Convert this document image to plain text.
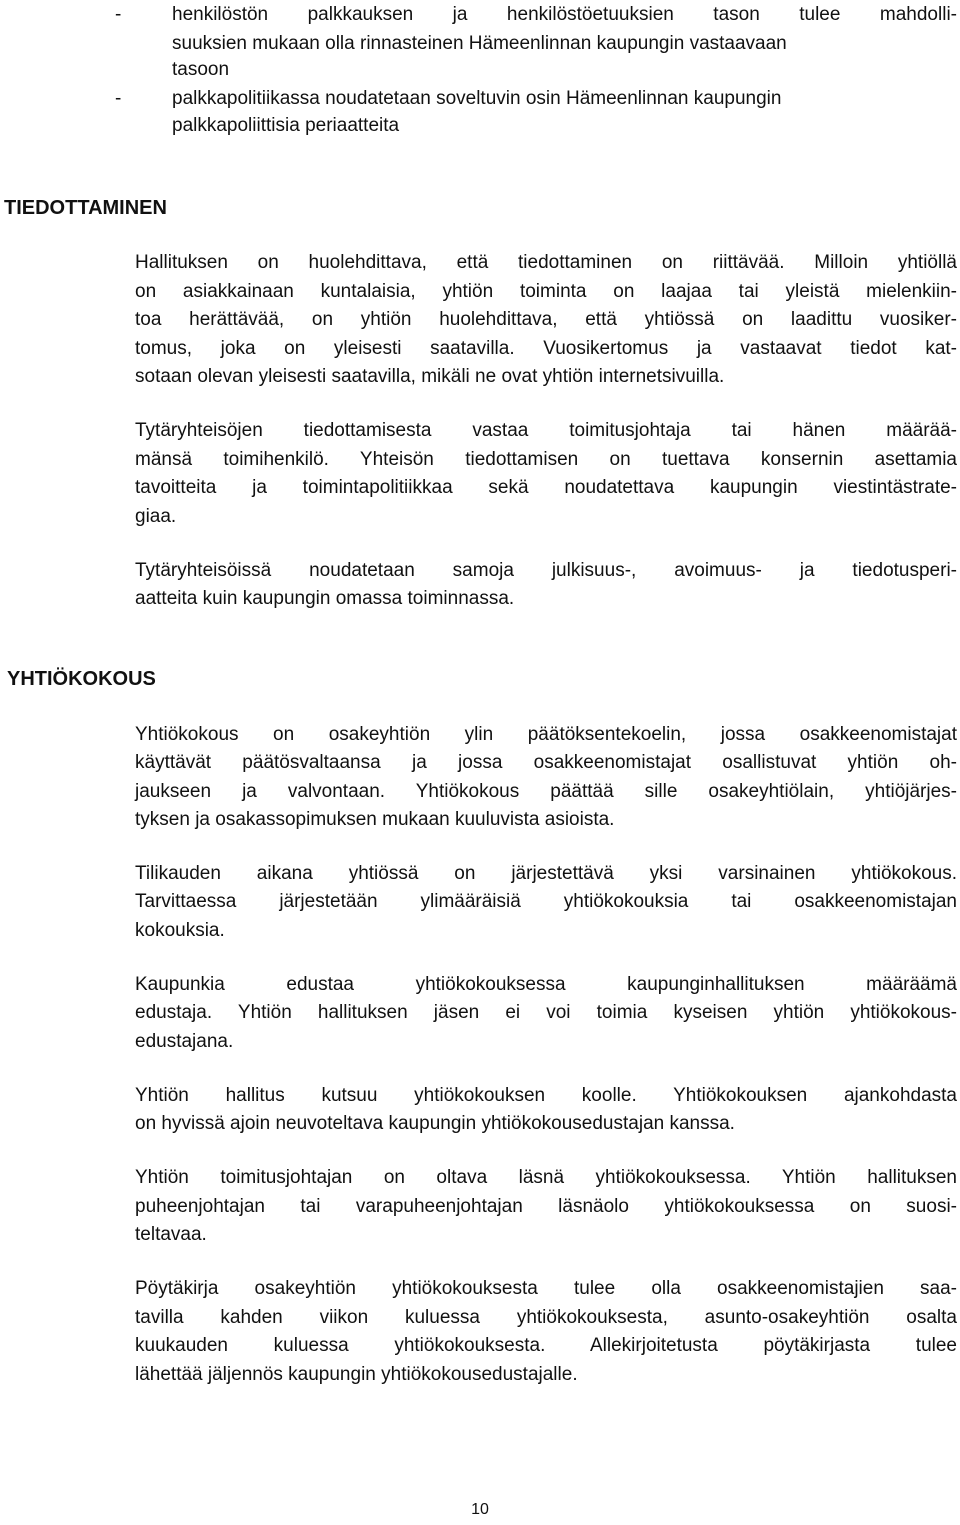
-	henkilöstön palkkauksen ja henkilöstöetuuksien tason tulee mahdolli-
suuksien mukaan olla rinnasteinen Hämeenlinnan kaupungin vastaavaan
tasoon
-	palkkapolitiikassa noudatetaan soveltuvin osin Hämeenlinnan kaupungin
palkkapoliittisia periaatteita
TIEDOTTAMINEN
Hallituksen on huolehdittava, että tiedottaminen on riittävää. Milloin yhtiöllä
on asiakkainaan kuntalaisia, yhtiön toiminta on laajaa tai yleistä mielenkiin-
toa herättävää, on yhtiön huolehdittava, että yhtiössä on laadittu vuosiker-
tomus, joka on yleisesti saatavilla. Vuosikertomus ja vastaavat tiedot kat-
sotaan olevan yleisesti saatavilla, mikäli ne ovat yhtiön internetsivuilla.
Tytäryhteisöjen tiedottamisesta vastaa toimitusjohtaja tai hänen määrää-
mänsä toimihenkilö. Yhteisön tiedottamisen on tuettava konsernin asettamia
tavoitteita ja toimintapolitiikkaa sekä noudatettava kaupungin viestintästrate-
giaa.
Tytäryhteisöissä noudatetaan samoja julkisuus-, avoimuus- ja tiedotusperi-
aatteita kuin kaupungin omassa toiminnassa.
YHTIÖKOKOUS
Yhtiökokous on osakeyhtiön ylin päätöksentekoelin, jossa osakkeenomistajat
käyttävät päätösvaltaansa ja jossa osakkeenomistajat osallistuvat yhtiön oh-
jaukseen ja valvontaan. Yhtiökokous päättää sille osakeyhtiölain, yhtiöjärjes-
tyksen ja osakassopimuksen mukaan kuuluvista asioista.
Tilikauden aikana yhtiössä on järjestettävä yksi varsinainen yhtiökokous.
Tarvittaessa järjestetään ylimääräisiä yhtiökokouksia tai osakkeenomistajan
kokouksia.
Kaupunkia edustaa yhtiökokouksessa kaupunginhallituksen määräämä
edustaja. Yhtiön hallituksen jäsen ei voi toimia kyseisen yhtiön yhtiökokous-
edustajana.
Yhtiön hallitus kutsuu yhtiökokouksen koolle. Yhtiökokouksen ajankohdasta
on hyvissä ajoin neuvoteltava kaupungin yhtiökokousedustajan kanssa.
Yhtiön toimitusjohtajan on oltava läsnä yhtiökokouksessa. Yhtiön hallituksen
puheenjohtajan tai varapuheenjohtajan läsnäolo yhtiökokouksessa on suosi-
teltavaa.
Pöytäkirja osakeyhtiön yhtiökokouksesta tulee olla osakkeenomistajien saa-
tavilla kahden viikon kuluessa yhtiökokouksesta, asunto-osakeyhtiön osalta
kuukauden kuluessa yhtiökokouksesta. Allekirjoitetusta pöytäkirjasta tulee
lähettää jäljennös kaupungin yhtiökokousedustajalle.
10
